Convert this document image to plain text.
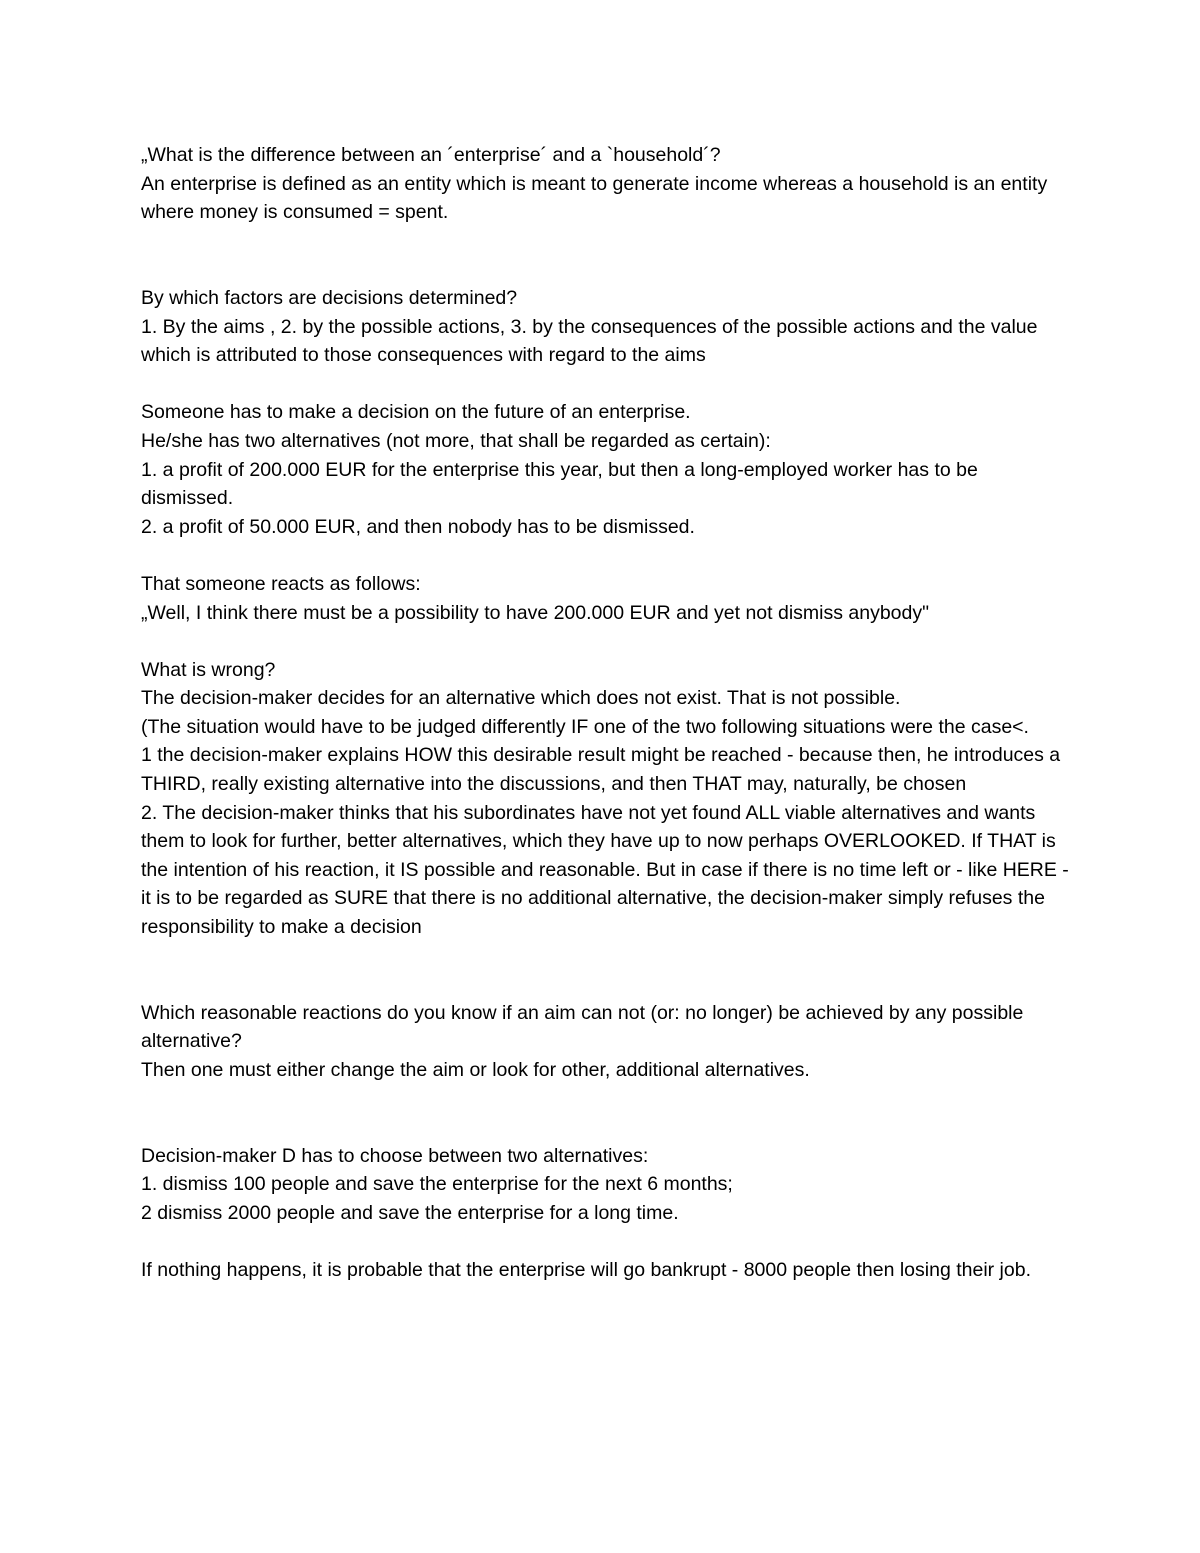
„What is the difference between an ´enterprise´ and a `household´?

An enterprise is defined as an entity which is meant to generate income whereas a household is an entity where money is consumed = spent.

By which factors are decisions determined?

1. By the aims , 2. by the possible actions, 3. by the consequences of the possible actions and the value which is attributed to those consequences with regard to the aims

Someone has to make a decision on the future of an enterprise.

He/she has two alternatives (not more, that shall be regarded as certain):

1. a profit of 200.000 EUR for the enterprise this year, but then a long-employed worker has to be dismissed.

2. a profit of 50.000 EUR, and then nobody has to be dismissed.

That someone reacts as follows:

„Well, I think there must be a possibility to have 200.000 EUR and yet not dismiss anybody"

What is wrong?

The decision-maker decides for an alternative which does not exist. That is not possible.

(The situation would have to be judged differently IF one of the two following situations were the case<.

1 the decision-maker explains HOW this desirable result might be reached - because then, he introduces a THIRD, really existing alternative into the discussions, and then THAT may, naturally, be chosen

2. The decision-maker thinks that his subordinates have not yet found ALL viable alternatives and wants them to look for further, better alternatives, which they have up to now perhaps OVERLOOKED. If THAT is the intention of his reaction, it IS possible and reasonable. But in case if there is no time left or - like HERE - it is to be regarded as SURE that there is no additional alternative, the decision-maker simply refuses the responsibility to make a decision

Which reasonable reactions do you know if an aim can not (or: no longer) be achieved by any possible alternative?

Then one must either change the aim or look for other, additional alternatives.

Decision-maker D has to choose between two alternatives:

1. dismiss 100 people and save the enterprise for the next 6 months;

2 dismiss 2000 people and save the enterprise for a long time.

If nothing happens, it is probable that the enterprise will go bankrupt - 8000 people then losing their job.
